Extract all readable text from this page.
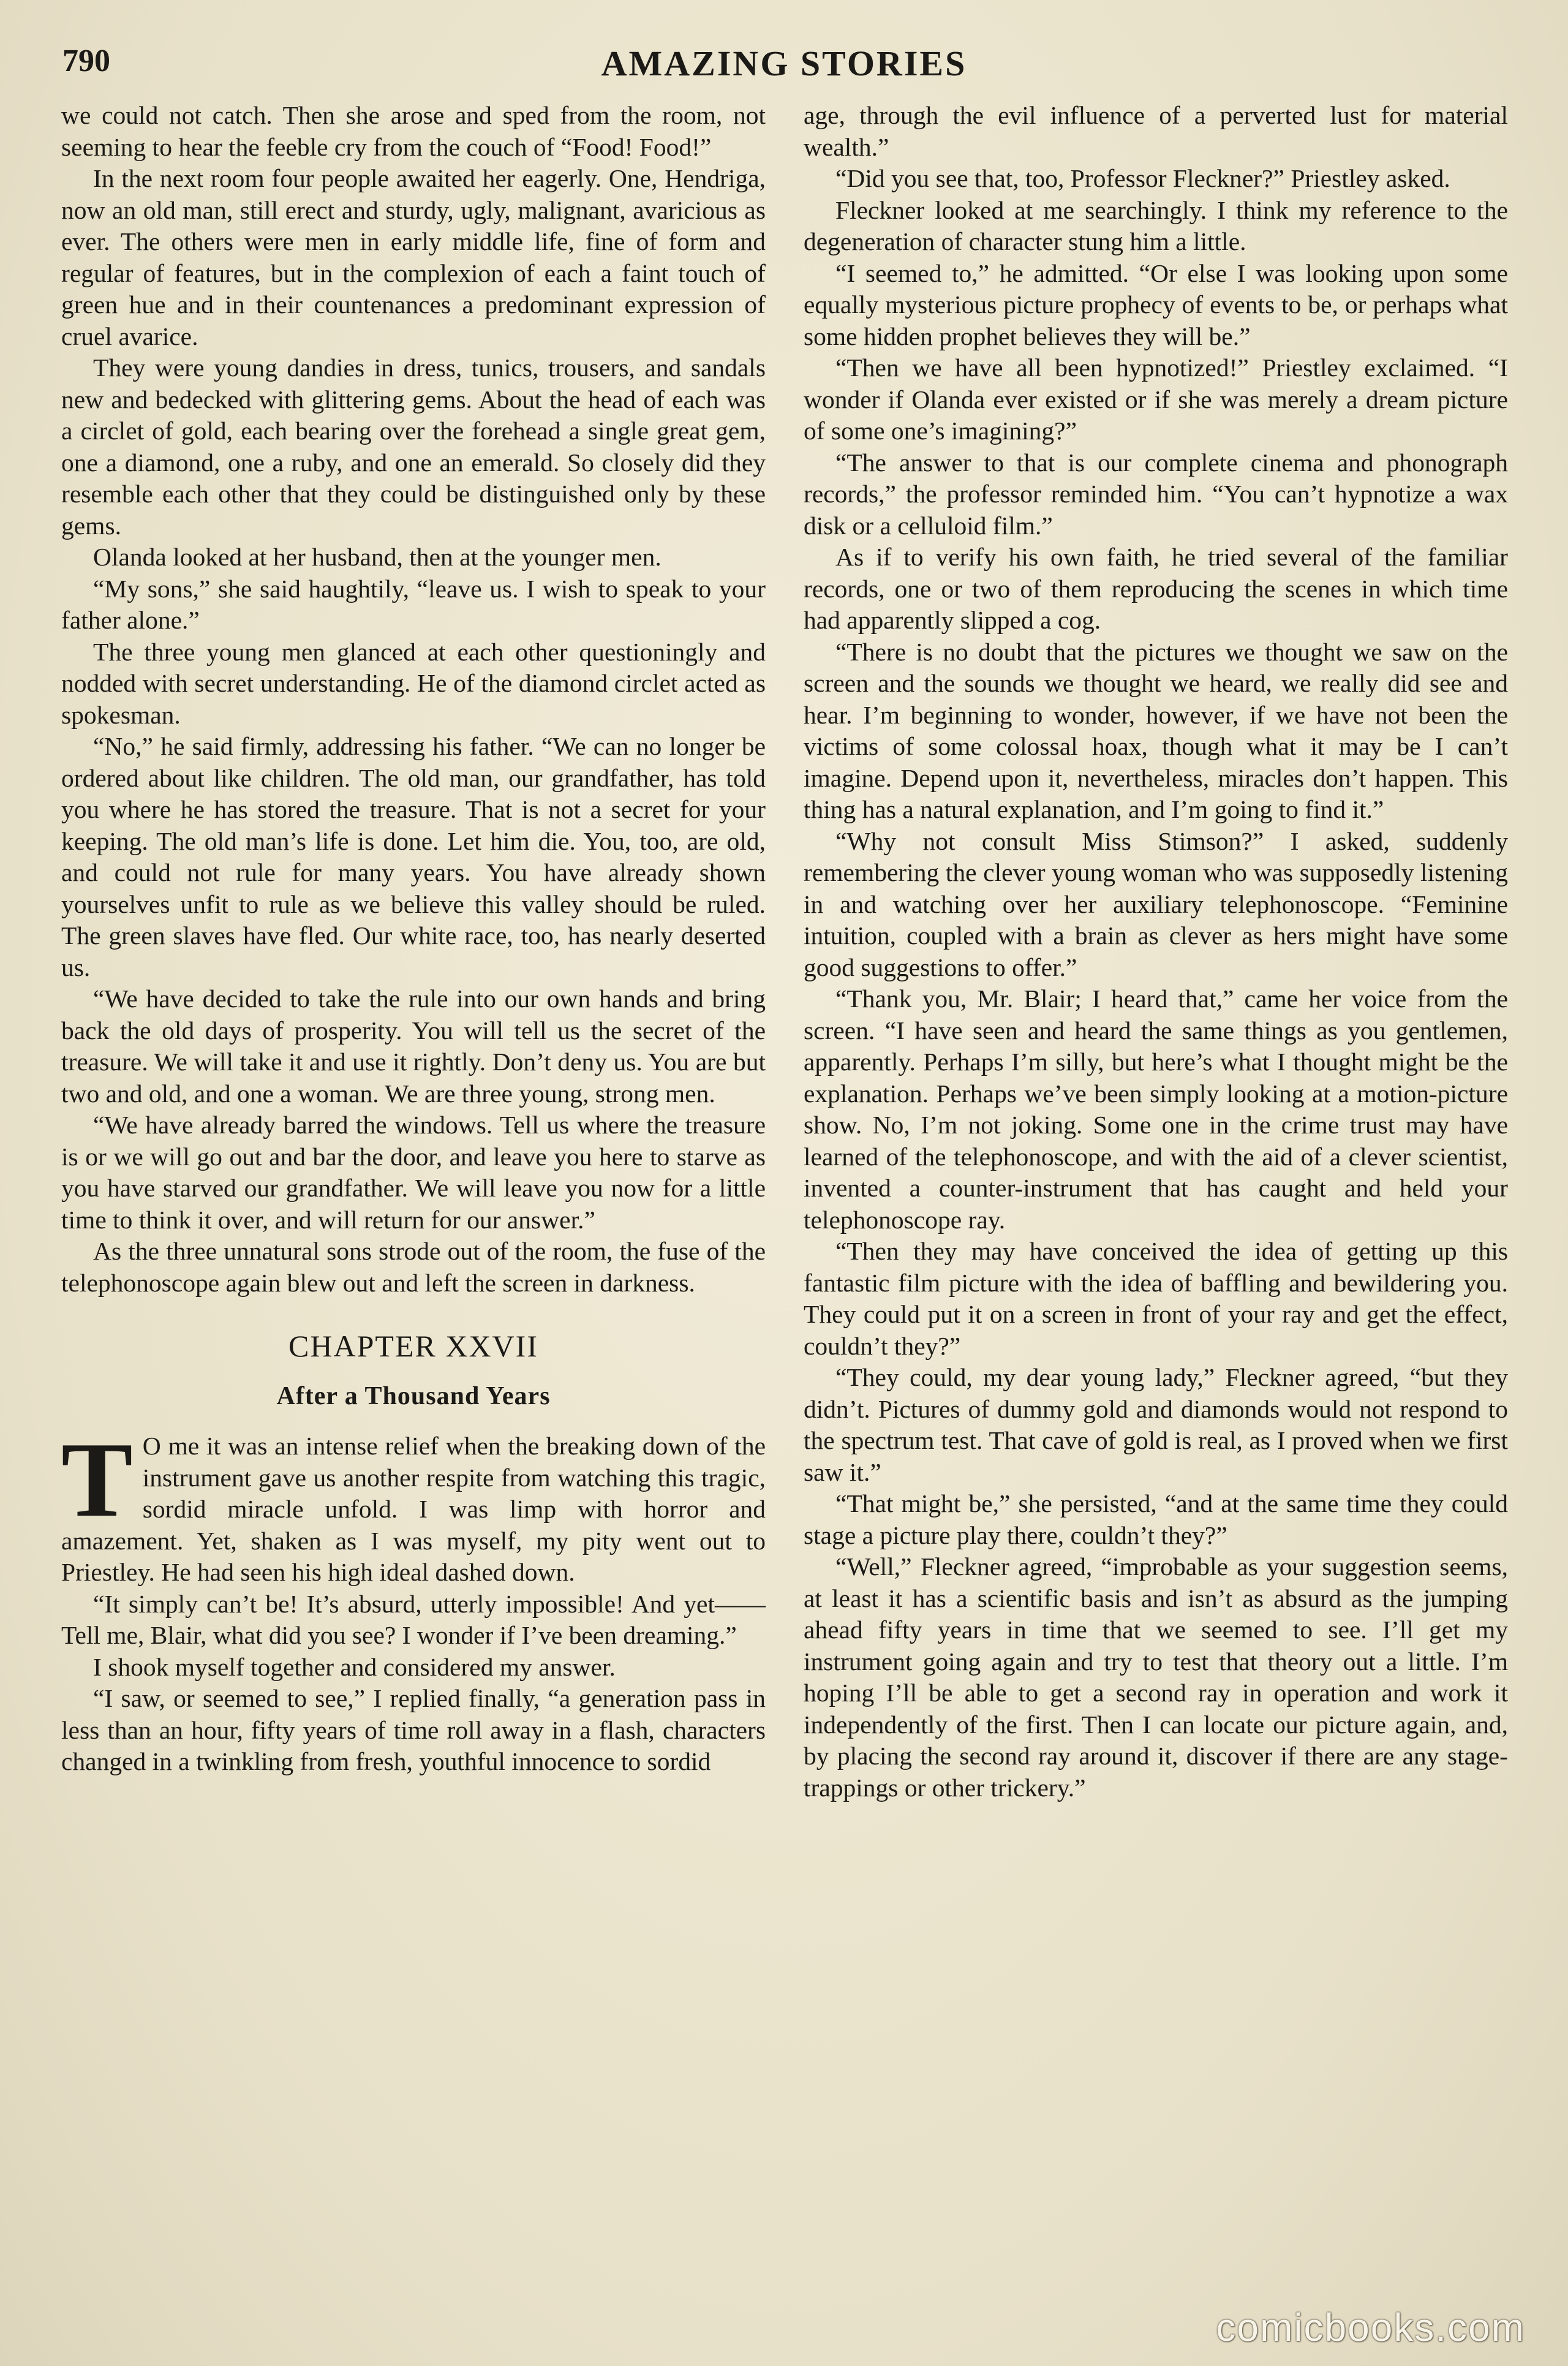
790	AMAZING STORIES

we could not catch. Then she arose and sped from the room, not seeming to hear the feeble cry from the couch of “Food! Food!”

In the next room four people awaited her eagerly. One, Hendriga, now an old man, still erect and sturdy, ugly, malignant, avaricious as ever. The others were men in early middle life, fine of form and regular of features, but in the complexion of each a faint touch of green hue and in their countenances a predominant expression of cruel avarice.

They were young dandies in dress, tunics, trousers, and sandals new and bedecked with glittering gems. About the head of each was a circlet of gold, each bearing over the forehead a single great gem, one a diamond, one a ruby, and one an emerald. So closely did they resemble each other that they could be distinguished only by these gems.

Olanda looked at her husband, then at the younger men.

“My sons,” she said haughtily, “leave us. I wish to speak to your father alone.”

The three young men glanced at each other questioningly and nodded with secret understanding. He of the diamond circlet acted as spokesman.

“No,” he said firmly, addressing his father. “We can no longer be ordered about like children. The old man, our grandfather, has told you where he has stored the treasure. That is not a secret for your keeping. The old man’s life is done. Let him die. You, too, are old, and could not rule for many years. You have already shown yourselves unfit to rule as we believe this valley should be ruled. The green slaves have fled. Our white race, too, has nearly deserted us.

“We have decided to take the rule into our own hands and bring back the old days of prosperity. You will tell us the secret of the treasure. We will take it and use it rightly. Don’t deny us. You are but two and old, and one a woman. We are three young, strong men.

“We have already barred the windows. Tell us where the treasure is or we will go out and bar the door, and leave you here to starve as you have starved our grandfather. We will leave you now for a little time to think it over, and will return for our answer.”

As the three unnatural sons strode out of the room, the fuse of the telephonoscope again blew out and left the screen in darkness.

CHAPTER XXVII
After a Thousand Years

T O me it was an intense relief when the breaking down of the instrument gave us another respite from watching this tragic, sordid miracle unfold. I was limp with horror and amazement. Yet, shaken as I was myself, my pity went out to Priestley. He had seen his high ideal dashed down.

“It simply can’t be! It’s absurd, utterly impossible! And yet—— Tell me, Blair, what did you see? I wonder if I’ve been dreaming.”

I shook myself together and considered my answer.

“I saw, or seemed to see,” I replied finally, “a generation pass in less than an hour, fifty years of time roll away in a flash, characters changed in a twinkling from fresh, youthful innocence to sordid

age, through the evil influence of a perverted lust for material wealth.”

“Did you see that, too, Professor Fleckner?” Priestley asked.

Fleckner looked at me searchingly. I think my reference to the degeneration of character stung him a little.

“I seemed to,” he admitted. “Or else I was looking upon some equally mysterious picture prophecy of events to be, or perhaps what some hidden prophet believes they will be.”

“Then we have all been hypnotized!” Priestley exclaimed. “I wonder if Olanda ever existed or if she was merely a dream picture of some one’s imagining?”

“The answer to that is our complete cinema and phonograph records,” the professor reminded him. “You can’t hypnotize a wax disk or a celluloid film.”

As if to verify his own faith, he tried several of the familiar records, one or two of them reproducing the scenes in which time had apparently slipped a cog.

“There is no doubt that the pictures we thought we saw on the screen and the sounds we thought we heard, we really did see and hear. I’m beginning to wonder, however, if we have not been the victims of some colossal hoax, though what it may be I can’t imagine. Depend upon it, nevertheless, miracles don’t happen. This thing has a natural explanation, and I’m going to find it.”

“Why not consult Miss Stimson?” I asked, suddenly remembering the clever young woman who was supposedly listening in and watching over her auxiliary telephonoscope. “Feminine intuition, coupled with a brain as clever as hers might have some good suggestions to offer.”

“Thank you, Mr. Blair; I heard that,” came her voice from the screen. “I have seen and heard the same things as you gentlemen, apparently. Perhaps I’m silly, but here’s what I thought might be the explanation. Perhaps we’ve been simply looking at a motion-picture show. No, I’m not joking. Some one in the crime trust may have learned of the telephonoscope, and with the aid of a clever scientist, invented a counter-instrument that has caught and held your telephonoscope ray.

“Then they may have conceived the idea of getting up this fantastic film picture with the idea of baffling and bewildering you. They could put it on a screen in front of your ray and get the effect, couldn’t they?”

“They could, my dear young lady,” Fleckner agreed, “but they didn’t. Pictures of dummy gold and diamonds would not respond to the spectrum test. That cave of gold is real, as I proved when we first saw it.”

“That might be,” she persisted, “and at the same time they could stage a picture play there, couldn’t they?”

“Well,” Fleckner agreed, “improbable as your suggestion seems, at least it has a scientific basis and isn’t as absurd as the jumping ahead fifty years in time that we seemed to see. I’ll get my instrument going again and try to test that theory out a little. I’m hoping I’ll be able to get a second ray in operation and work it independently of the first. Then I can locate our picture again, and, by placing the second ray around it, discover if there are any stage-trappings or other trickery.”

comicbooks.com
